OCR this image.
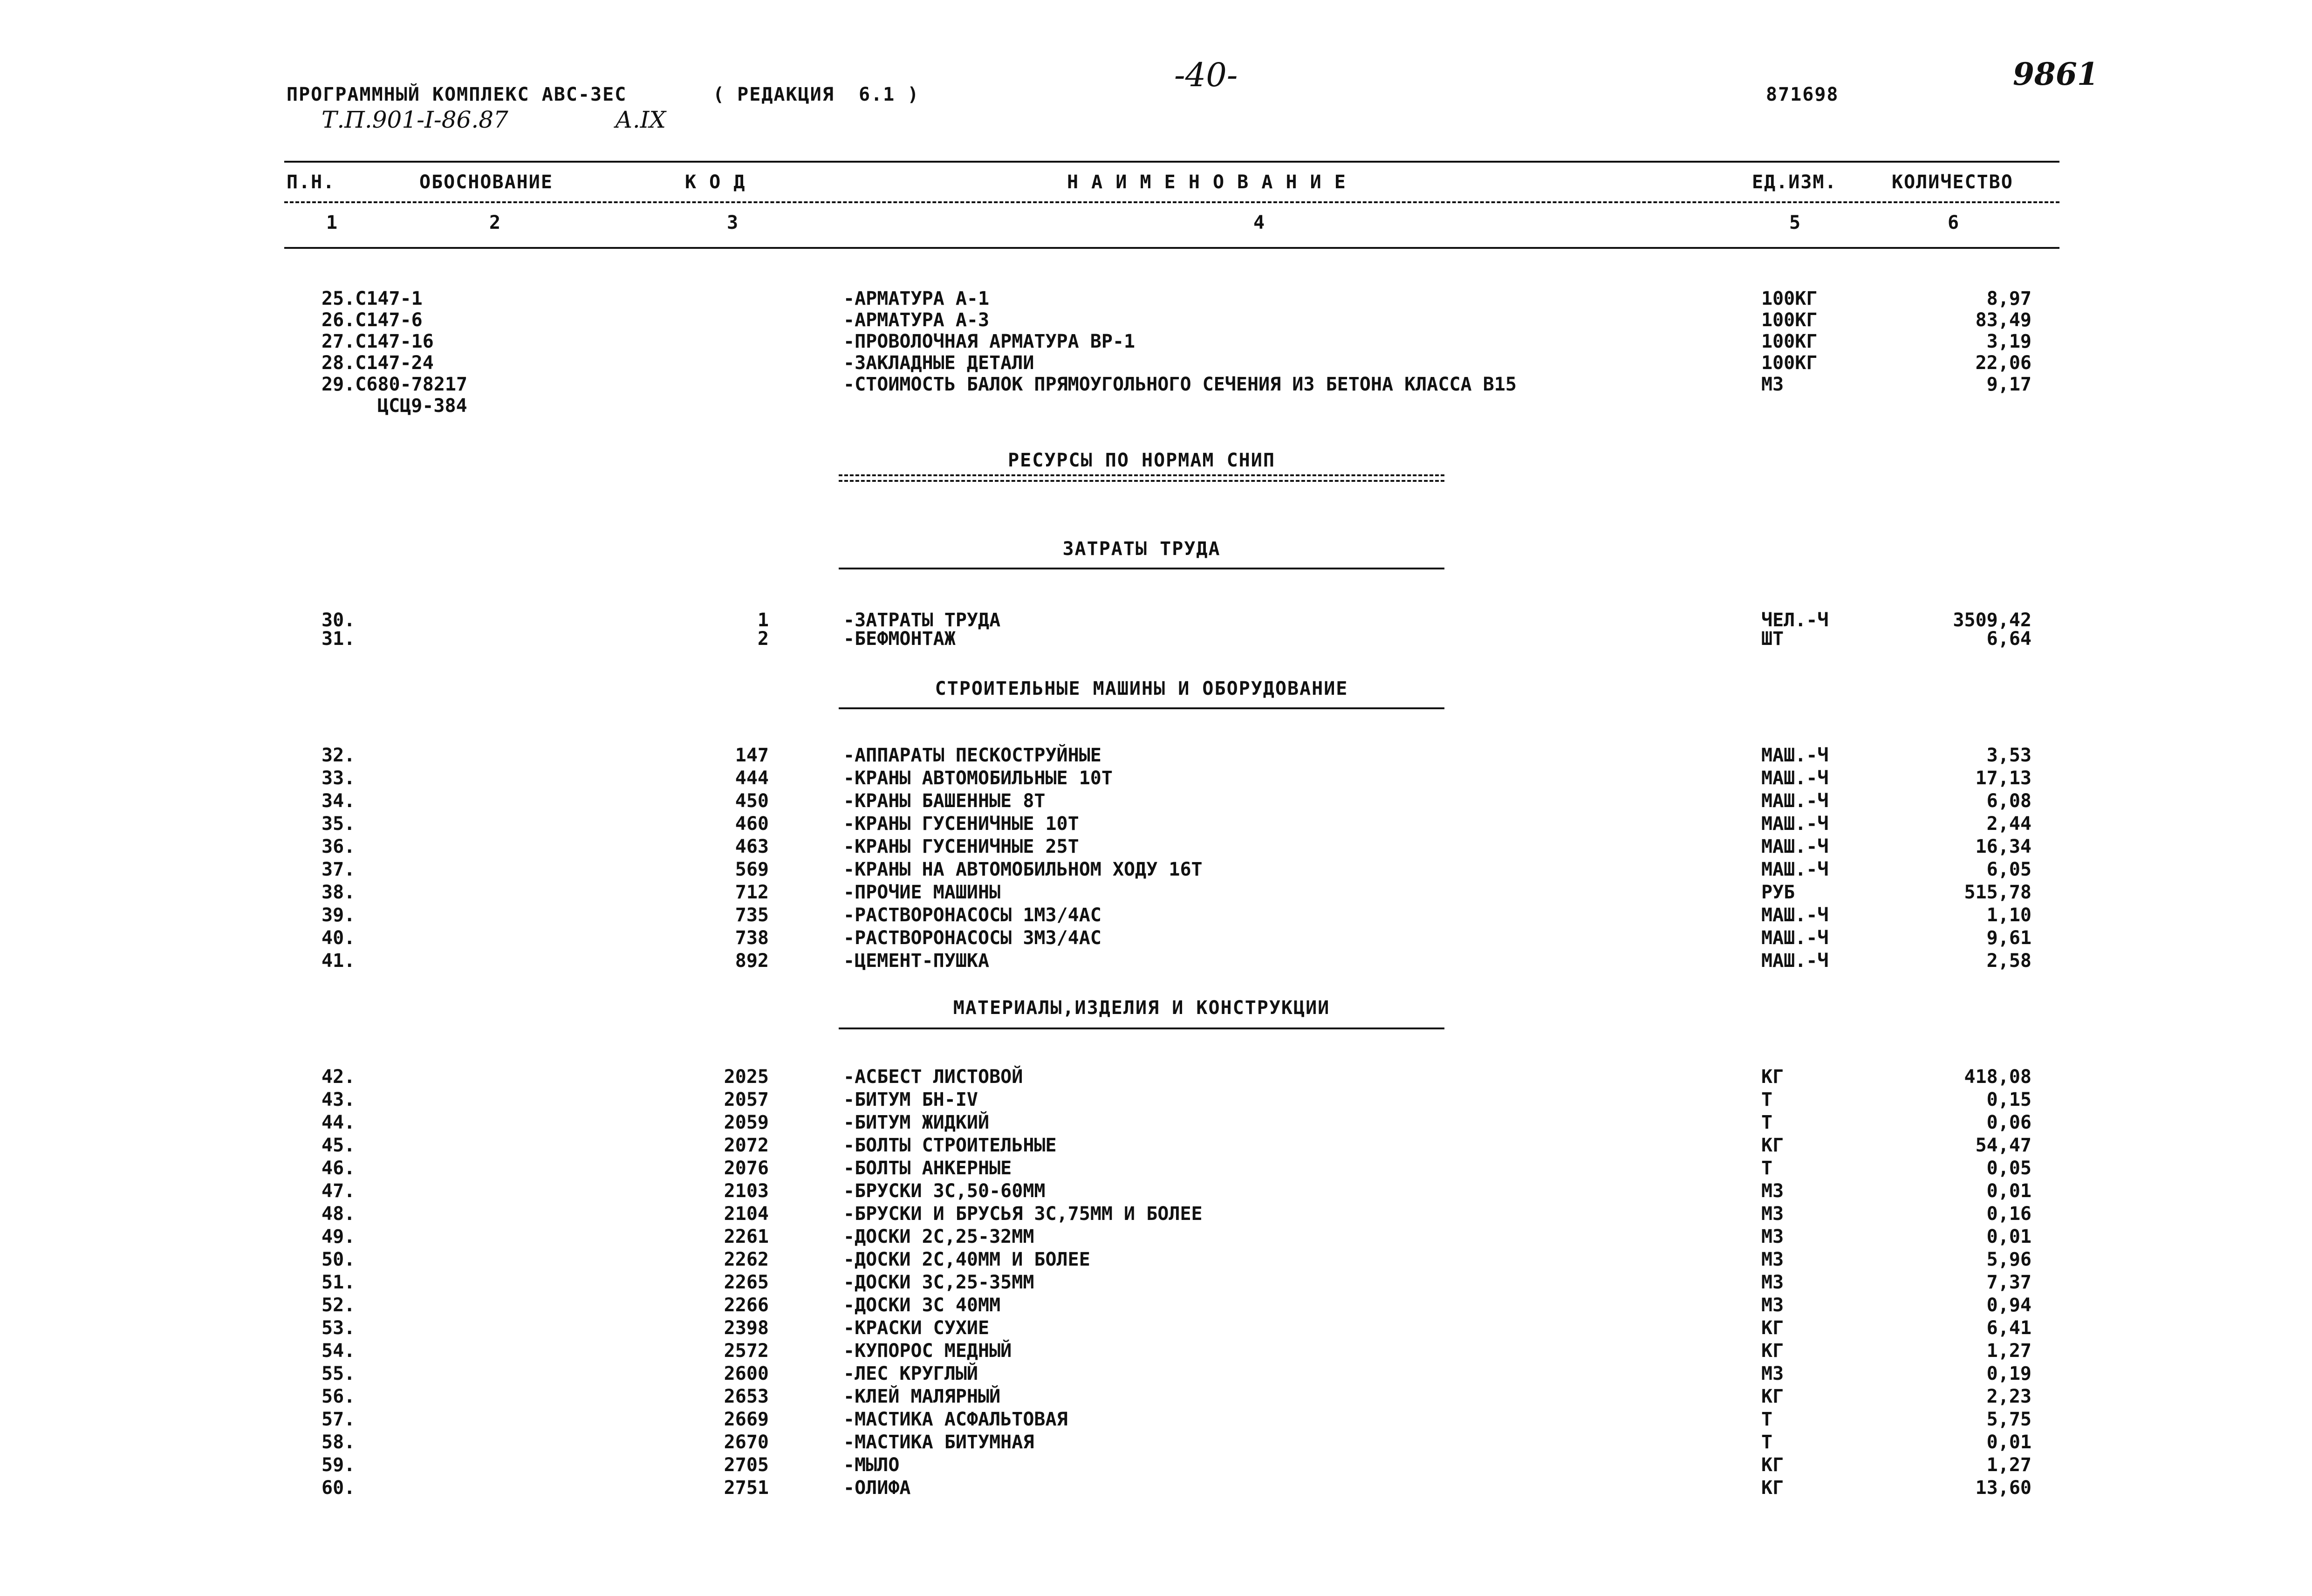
ПРОГРАММНЫЙ КОМПЛЕКС АВС-ЗЕС	( РЕДАКЦИЯ  6.1 )
Т.П.901-I-86.87	А.IX
-40-
871698
9861
П.Н.	ОБОСНОВАНИЕ	К О Д	Н А И М Е Н О В А Н И Е	ЕД.ИЗМ.	КОЛИЧЕСТВО
1	2	3	4	5	6
25.C147-1	-АРМАТУРА А-1	100КГ	8,97
26.C147-6	-АРМАТУРА А-3	100КГ	83,49
27.C147-16	-ПРОВОЛОЧНАЯ АРМАТУРА ВР-1	100КГ	3,19
28.C147-24	-ЗАКЛАДНЫЕ ДЕТАЛИ	100КГ	22,06
29.C680-78217	-СТОИМОСТЬ БАЛОК ПРЯМОУГОЛЬНОГО СЕЧЕНИЯ ИЗ БЕТОНА КЛАССА В15	М3	9,17
ЦСЦ9-384
РЕСУРСЫ ПО НОРМАМ СНИП
ЗАТРАТЫ ТРУДА
30.	1	-ЗАТРАТЫ ТРУДА	ЧЕЛ.-Ч	3509,42
31.	2	-БЕФМОНТАЖ	ШТ	6,64
СТРОИТЕЛЬНЫЕ МАШИНЫ И ОБОРУДОВАНИЕ
32.	147	-АППАРАТЫ ПЕСКОСТРУЙНЫЕ	МАШ.-Ч	3,53
33.	444	-КРАНЫ АВТОМОБИЛЬНЫЕ 10Т	МАШ.-Ч	17,13
34.	450	-КРАНЫ БАШЕННЫЕ 8Т	МАШ.-Ч	6,08
35.	460	-КРАНЫ ГУСЕНИЧНЫЕ 10Т	МАШ.-Ч	2,44
36.	463	-КРАНЫ ГУСЕНИЧНЫЕ 25Т	МАШ.-Ч	16,34
37.	569	-КРАНЫ НА АВТОМОБИЛЬНОМ ХОДУ 16Т	МАШ.-Ч	6,05
38.	712	-ПРОЧИЕ МАШИНЫ	РУБ	515,78
39.	735	-РАСТВОРОНАСОСЫ 1М3/4АС	МАШ.-Ч	1,10
40.	738	-РАСТВОРОНАСОСЫ 3М3/4АС	МАШ.-Ч	9,61
41.	892	-ЦЕМЕНТ-ПУШКА	МАШ.-Ч	2,58
МАТЕРИАЛЫ,ИЗДЕЛИЯ И КОНСТРУКЦИИ
42.	2025	-АСБЕСТ ЛИСТОВОЙ	КГ	418,08
43.	2057	-БИТУМ БН-IV	Т	0,15
44.	2059	-БИТУМ ЖИДКИЙ	Т	0,06
45.	2072	-БОЛТЫ СТРОИТЕЛЬНЫЕ	КГ	54,47
46.	2076	-БОЛТЫ АНКЕРНЫЕ	Т	0,05
47.	2103	-БРУСКИ 3С,50-60ММ	М3	0,01
48.	2104	-БРУСКИ И БРУСЬЯ 3С,75ММ И БОЛЕЕ	М3	0,16
49.	2261	-ДОСКИ 2С,25-32ММ	М3	0,01
50.	2262	-ДОСКИ 2С,40ММ И БОЛЕЕ	М3	5,96
51.	2265	-ДОСКИ 3С,25-35ММ	М3	7,37
52.	2266	-ДОСКИ 3С 40ММ	М3	0,94
53.	2398	-КРАСКИ СУХИЕ	КГ	6,41
54.	2572	-КУПОРОС МЕДНЫЙ	КГ	1,27
55.	2600	-ЛЕС КРУГЛЫЙ	М3	0,19
56.	2653	-КЛЕЙ МАЛЯРНЫЙ	КГ	2,23
57.	2669	-МАСТИКА АСФАЛЬТОВАЯ	Т	5,75
58.	2670	-МАСТИКА БИТУМНАЯ	Т	0,01
59.	2705	-МЫЛО	КГ	1,27
60.	2751	-ОЛИФА	КГ	13,60
